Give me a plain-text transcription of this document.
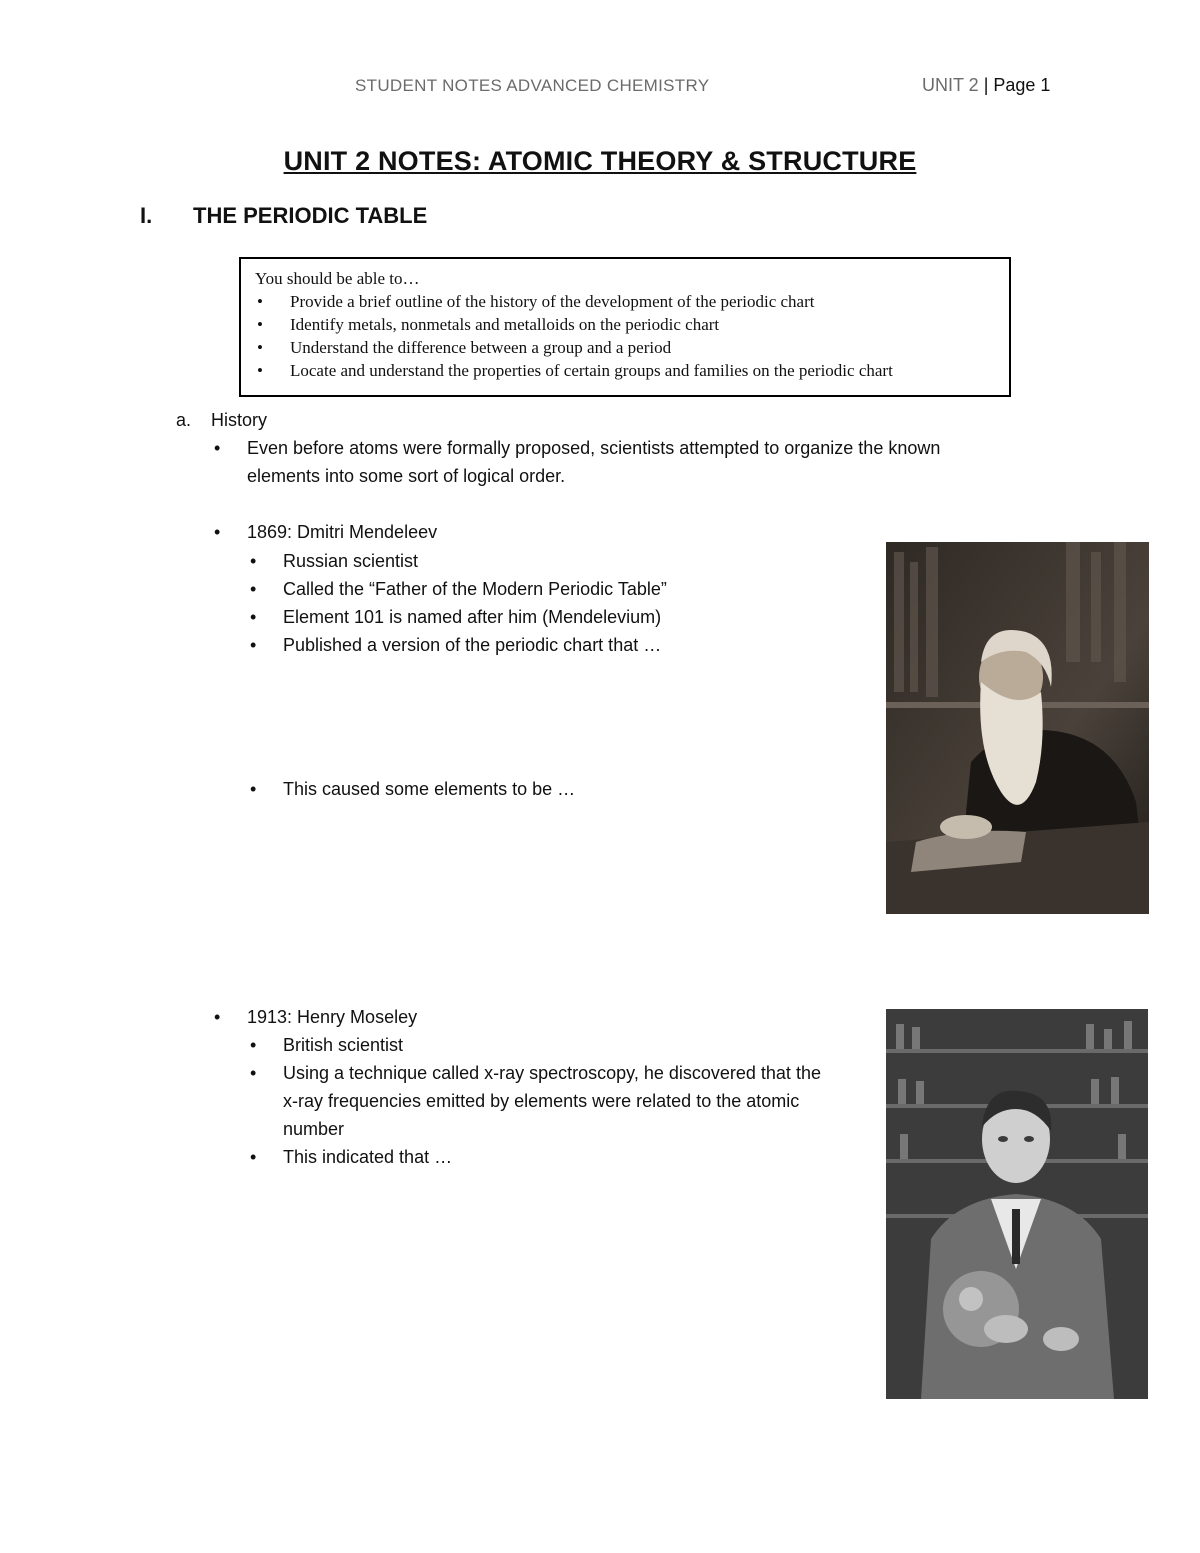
STUDENT NOTES ADVANCED CHEMISTRY	UNIT 2 | Page 1
UNIT 2 NOTES: ATOMIC THEORY & STRUCTURE
I. THE PERIODIC TABLE
You should be able to…
• Provide a brief outline of the history of the development of the periodic chart
• Identify metals, nonmetals and metalloids on the periodic chart
• Understand the difference between a group and a period
• Locate and understand the properties of certain groups and families on the periodic chart
a. History
• Even before atoms were formally proposed, scientists attempted to organize the known
elements into some sort of logical order.
• 1869: Dmitri Mendeleev
• Russian scientist
• Called the “Father of the Modern Periodic Table”
• Element 101 is named after him (Mendelevium)
• Published a version of the periodic chart that …
• This caused some elements to be …
• 1913: Henry Moseley
• British scientist
• Using a technique called x-ray spectroscopy, he discovered that the
x-ray frequencies emitted by elements were related to the atomic
number
• This indicated that …
